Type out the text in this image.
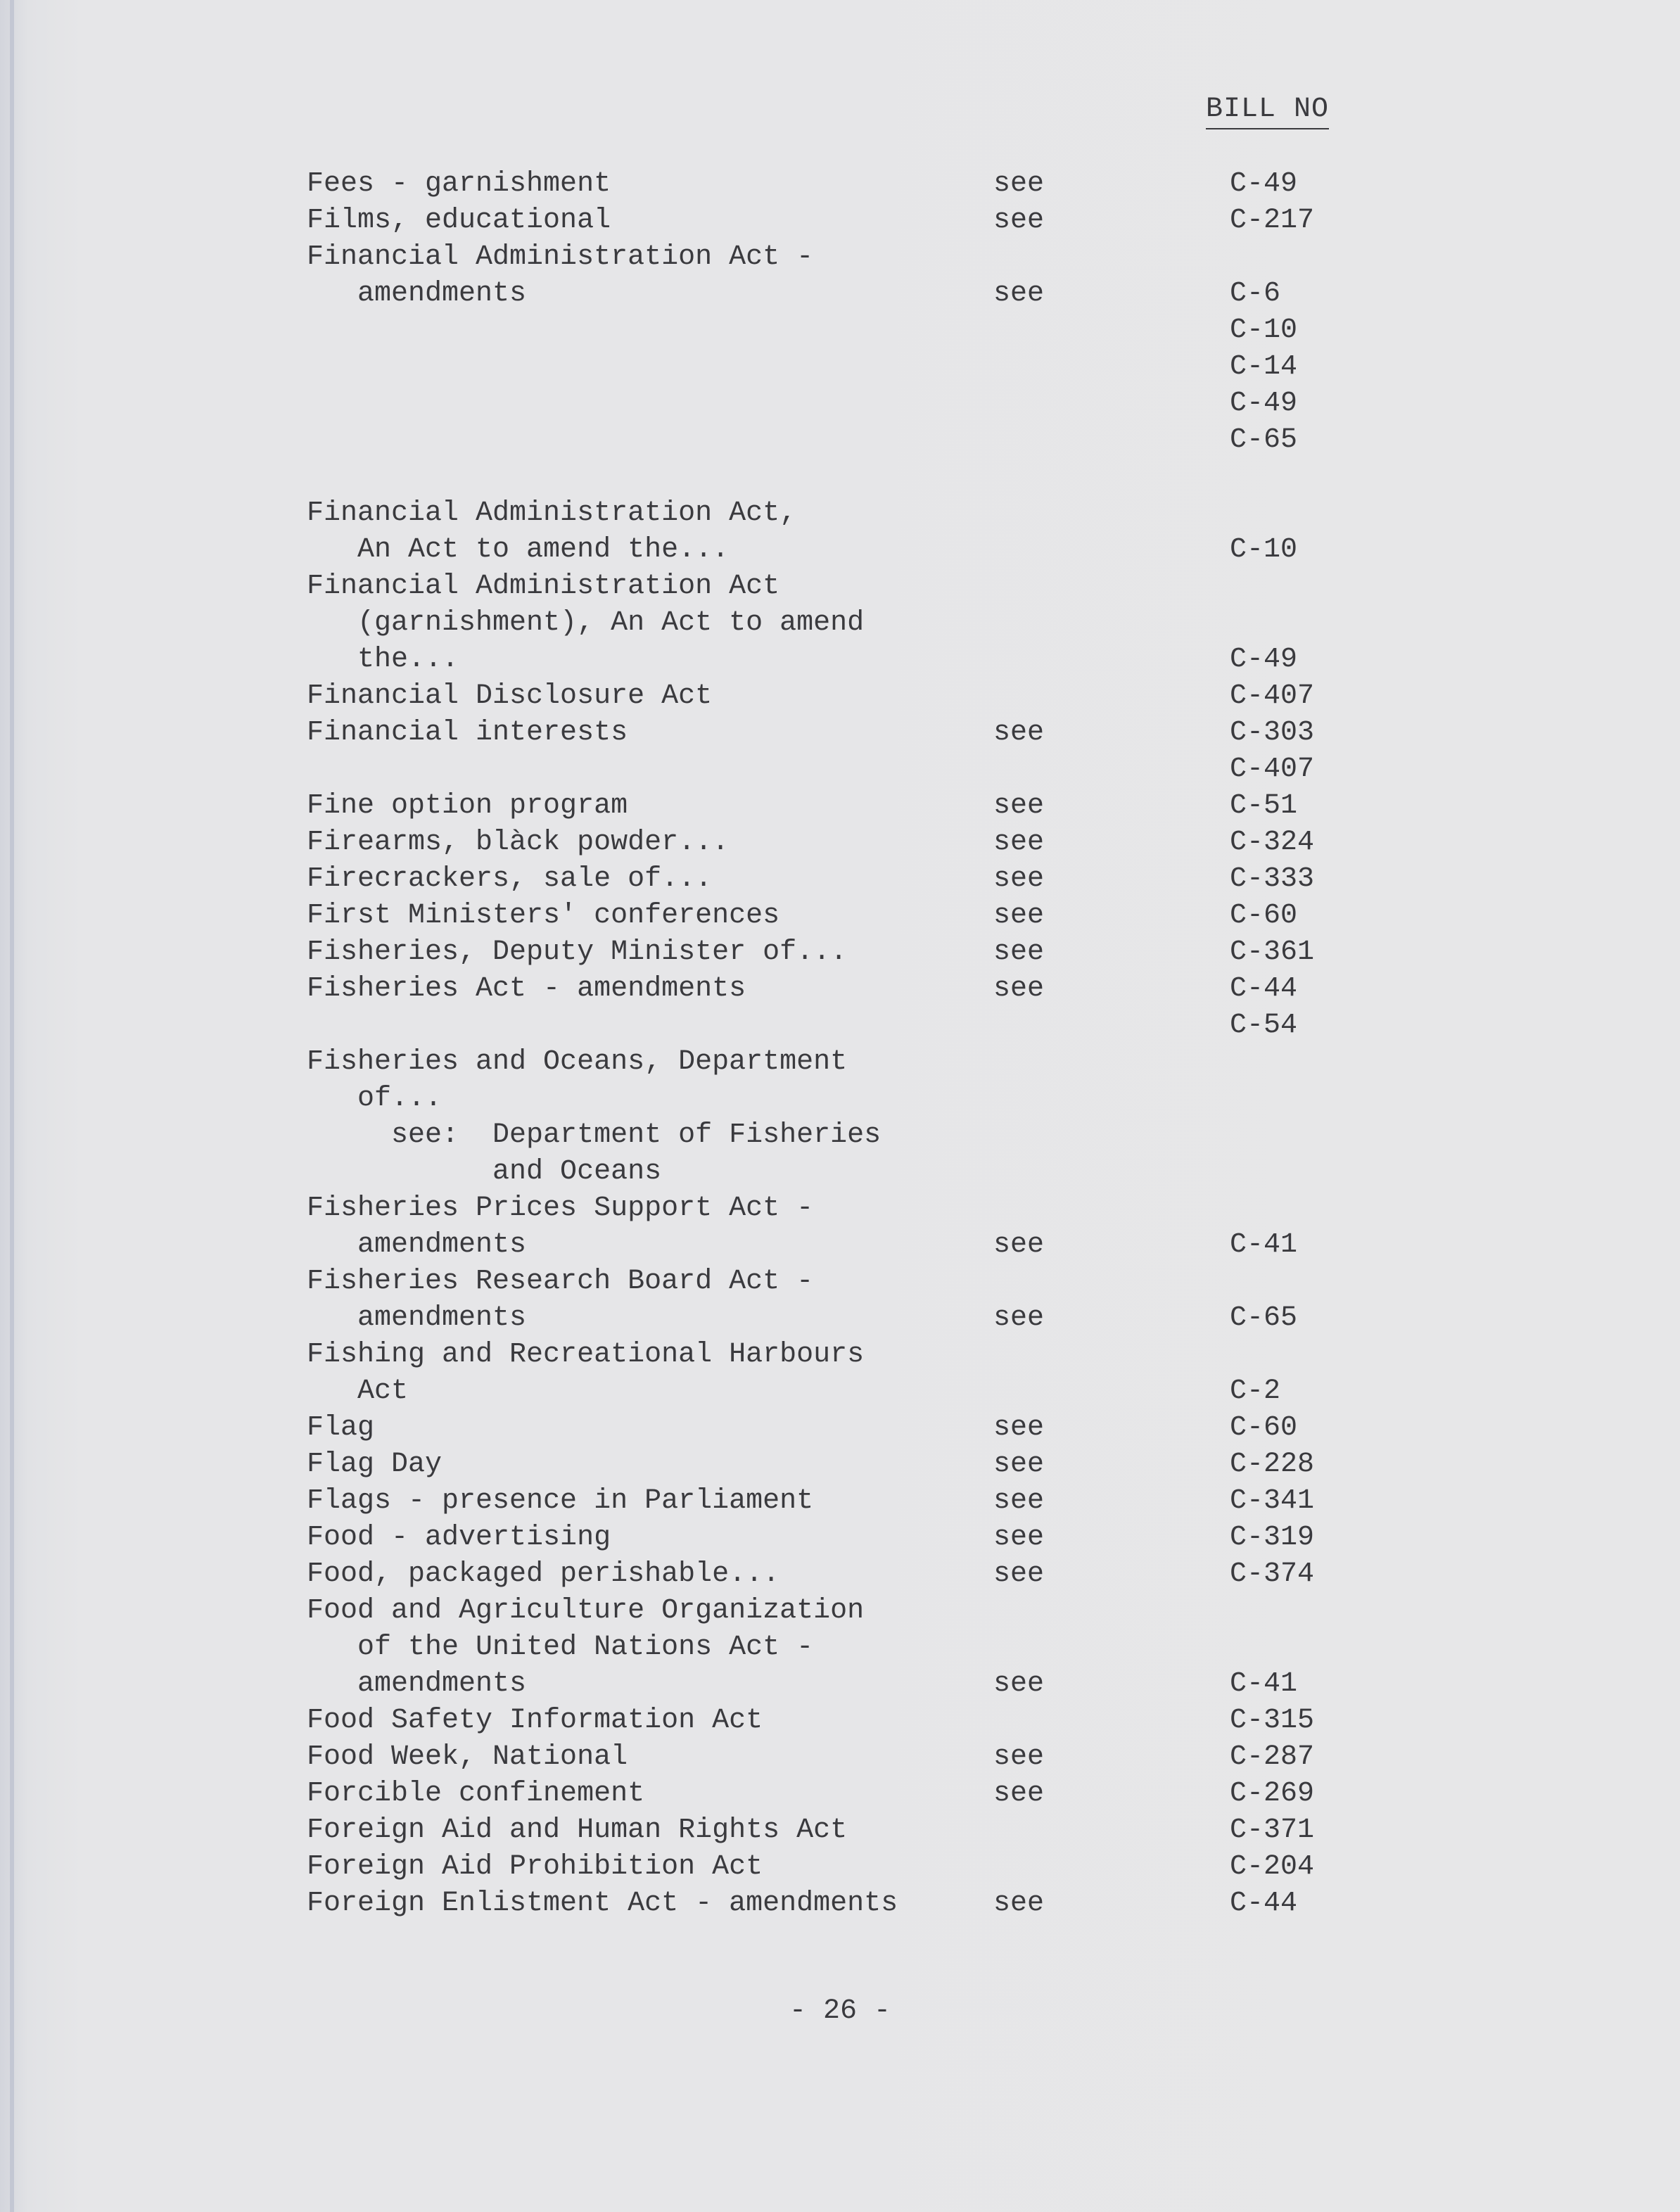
BILL NO
Fees - garnishment	see	C-49
Films, educational	see	C-217
Financial Administration Act -
amendments	see	C-6
C-10
C-14
C-49
C-65
Financial Administration Act,
An Act to amend the...	C-10
Financial Administration Act
(garnishment), An Act to amend
the...	C-49
Financial Disclosure Act	C-407
Financial interests	see	C-303
C-407
Fine option program	see	C-51
Firearms, blàck powder...	see	C-324
Firecrackers, sale of...	see	C-333
First Ministers' conferences	see	C-60
Fisheries, Deputy Minister of...	see	C-361
Fisheries Act - amendments	see	C-44
C-54
Fisheries and Oceans, Department
of...
see:  Department of Fisheries
and Oceans
Fisheries Prices Support Act -
amendments	see	C-41
Fisheries Research Board Act -
amendments	see	C-65
Fishing and Recreational Harbours
Act	C-2
Flag	see	C-60
Flag Day	see	C-228
Flags - presence in Parliament	see	C-341
Food - advertising	see	C-319
Food, packaged perishable...	see	C-374
Food and Agriculture Organization
of the United Nations Act -
amendments	see	C-41
Food Safety Information Act	C-315
Food Week, National	see	C-287
Forcible confinement	see	C-269
Foreign Aid and Human Rights Act	C-371
Foreign Aid Prohibition Act	C-204
Foreign Enlistment Act - amendments	see	C-44
- 26 -
